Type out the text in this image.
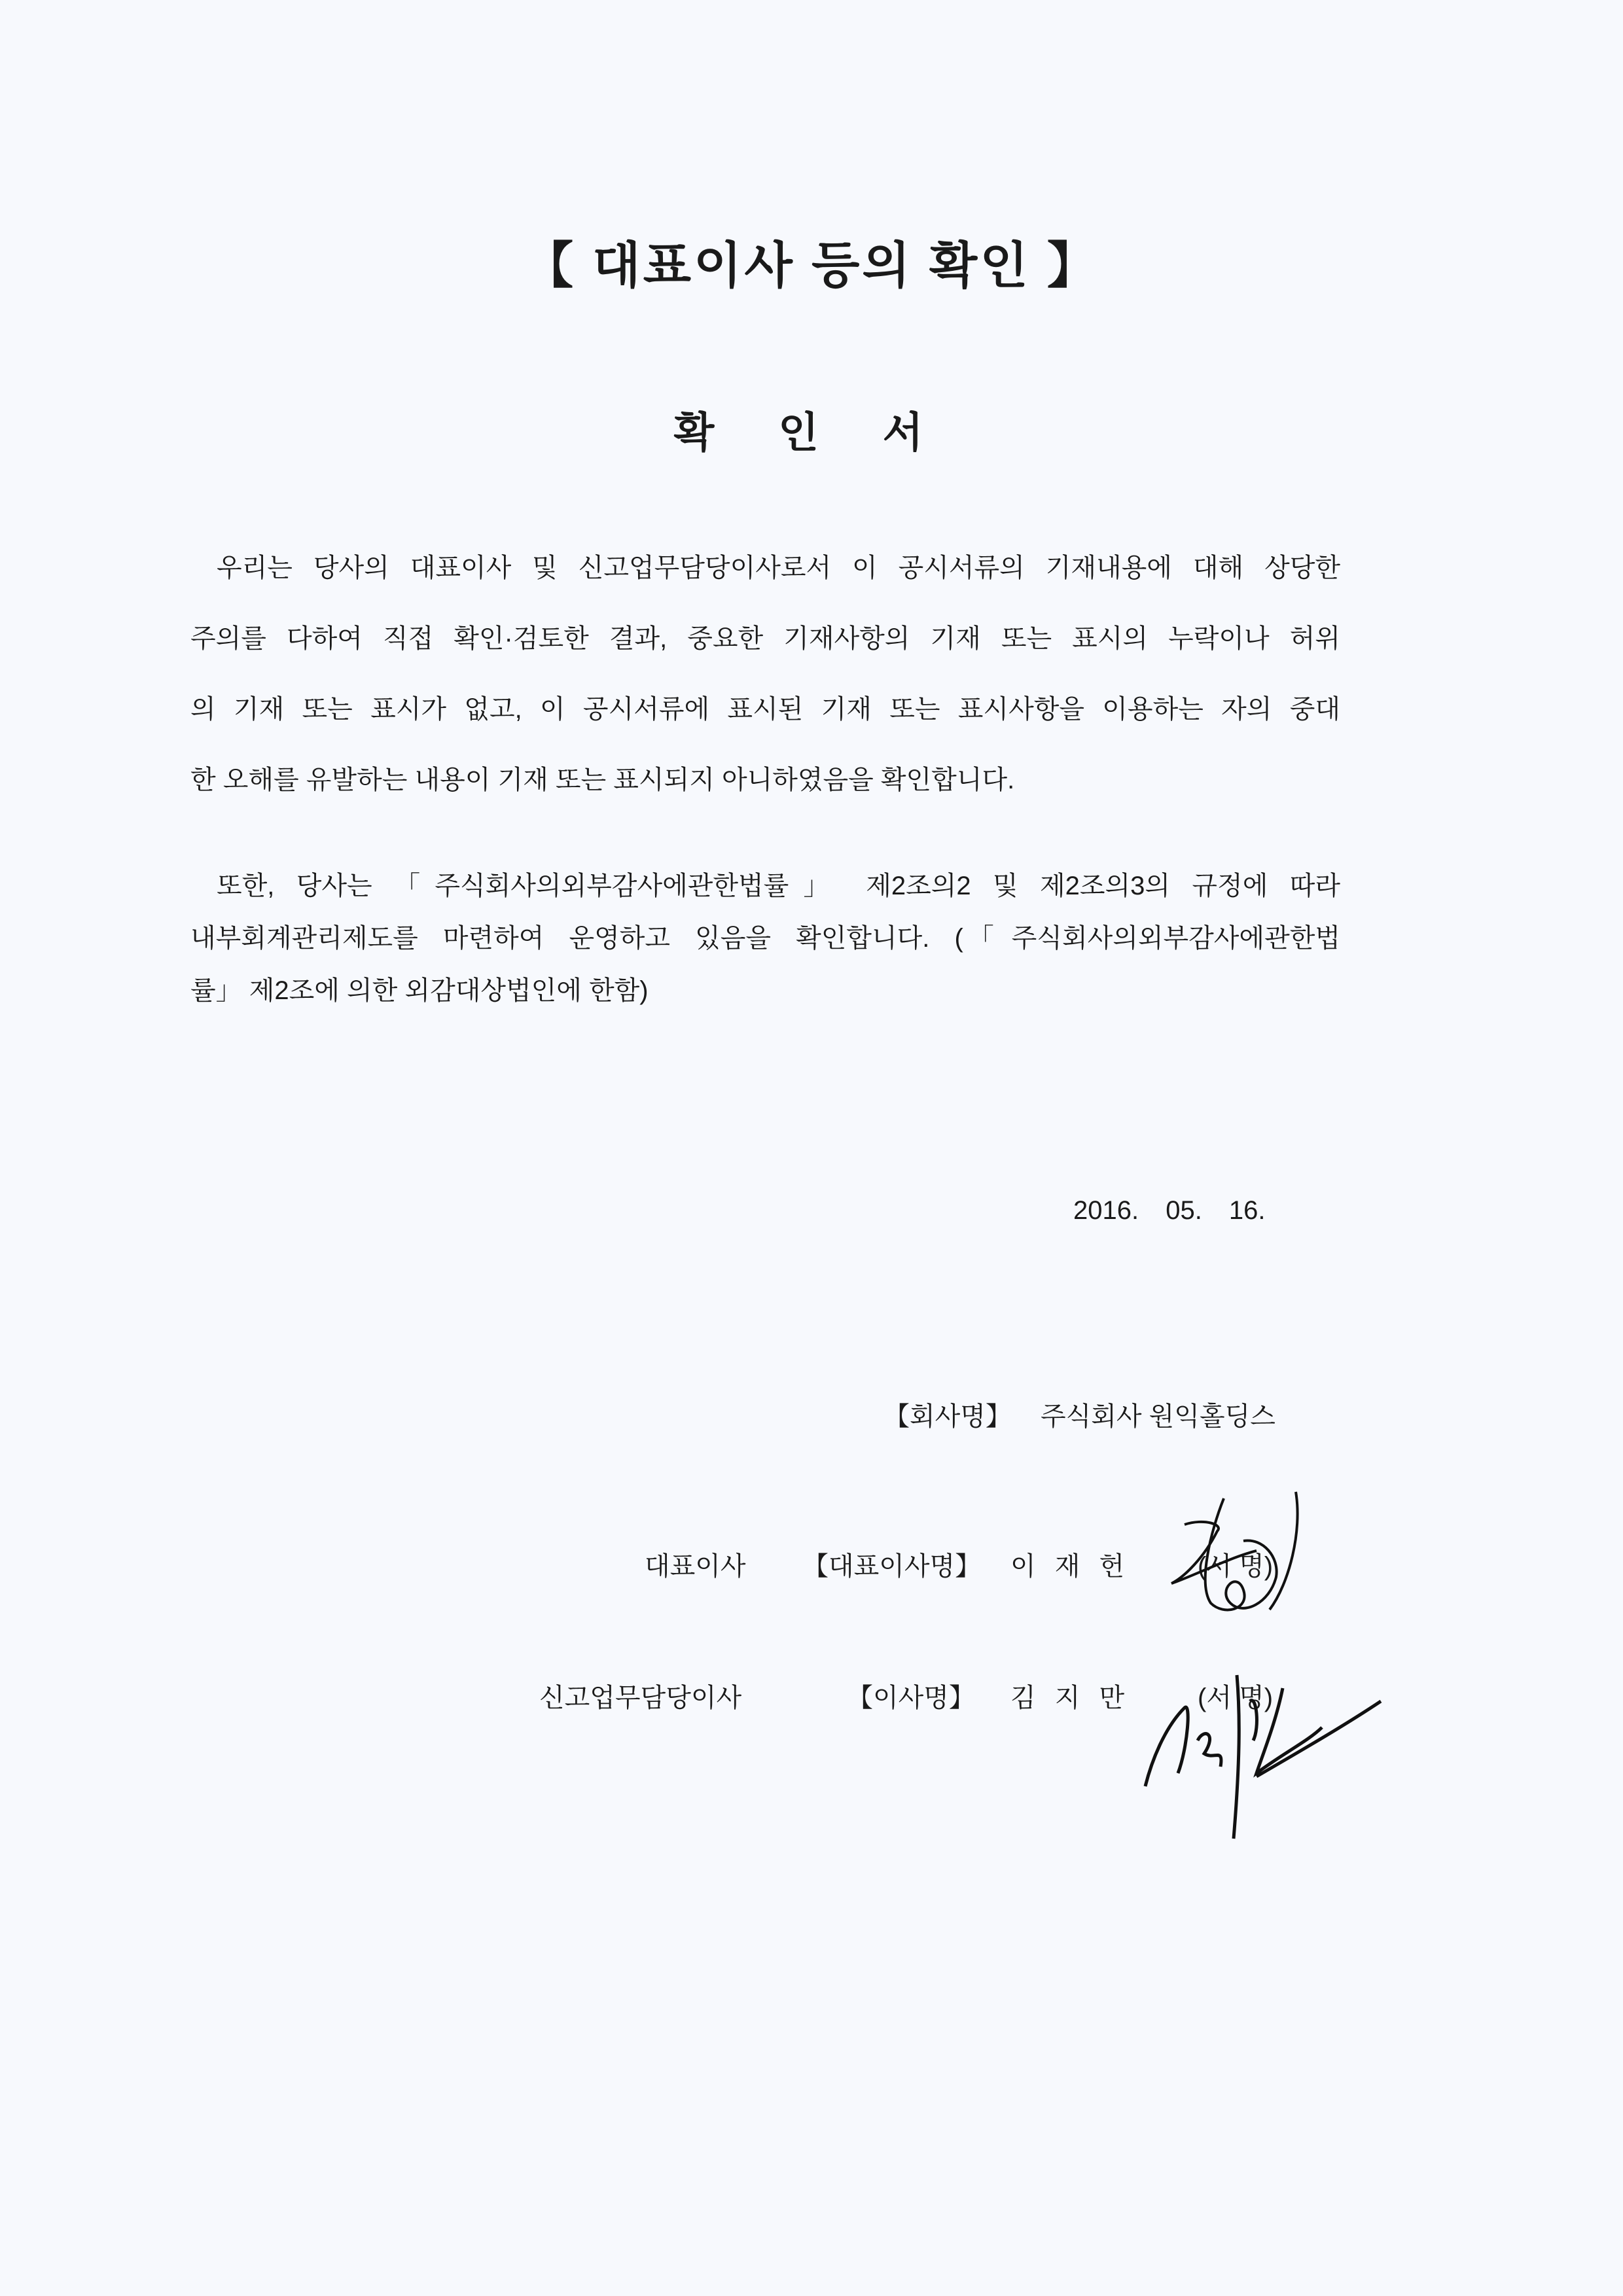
【 대표이사 등의 확인 】
확 인 서
우리는 당사의 대표이사 및 신고업무담당이사로서 이 공시서류의 기재내용에 대해 상당한
주의를 다하여 직접 확인·검토한 결과, 중요한 기재사항의 기재 또는 표시의 누락이나 허위
의 기재 또는 표시가 없고, 이 공시서류에 표시된 기재 또는 표시사항을 이용하는 자의 중대
한 오해를 유발하는 내용이 기재 또는 표시되지 아니하였음을 확인합니다.
또한, 당사는 「주식회사의외부감사에관한법률」 제2조의2 및 제2조의3의 규정에 따라
내부회계관리제도를 마련하여 운영하고 있음을 확인합니다. (「주식회사의외부감사에관한법
률」 제2조에 의한 외감대상법인에 한함)
2016. 05. 16.
【회사명】 주식회사 원익홀딩스
대표이사 【대표이사명】 이 재 헌	(서 명)
신고업무담당이사	【이사명】 김 지 만	(서 명)
